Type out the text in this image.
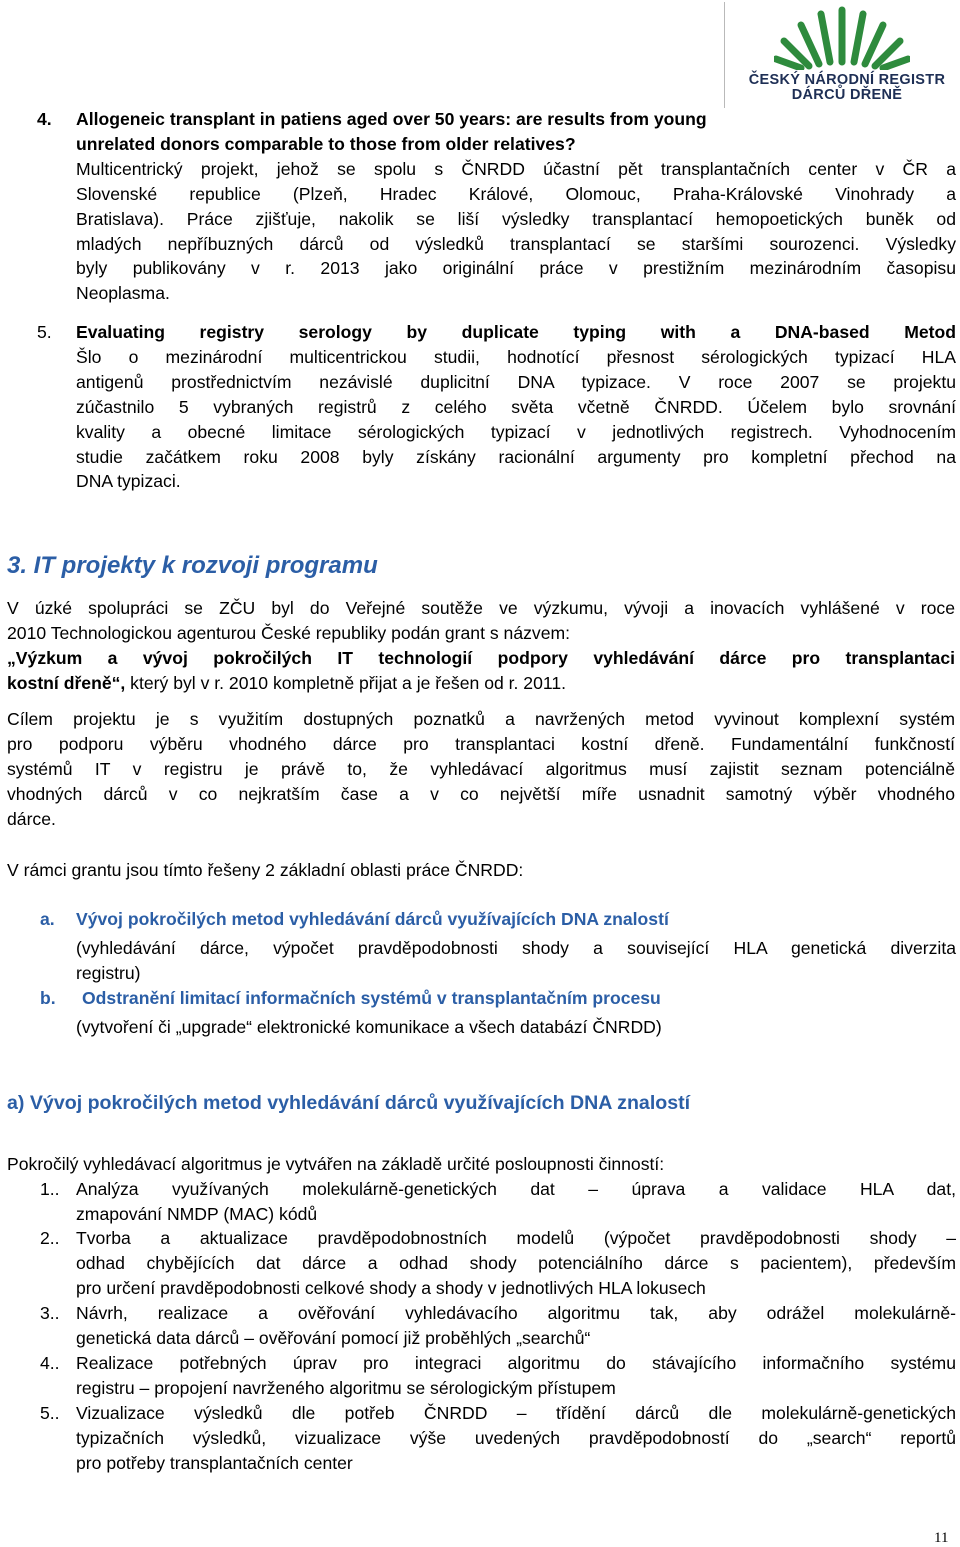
ČESKÝ NÁRODNÍ REGISTR
DÁRCŮ DŘENĚ
4. Allogeneic transplant in patiens aged over 50 years: are results from young
unrelated donors comparable to those from older relatives?
Multicentrický projekt, jehož se spolu s ČNRDD účastní pět transplantačních center v ČR a
Slovenské republice (Plzeň, Hradec Králové, Olomouc, Praha-Královské Vinohrady a
Bratislava). Práce zjišťuje, nakolik se liší výsledky transplantací hemopoetických buněk od
mladých nepříbuzných dárců od výsledků transplantací se staršími sourozenci. Výsledky
byly publikovány v r. 2013 jako originální práce v prestižním mezinárodním časopisu
Neoplasma.
5. Evaluating registry serology by duplicate typing with a DNA-based Metod
Šlo o mezinárodní multicentrickou studii, hodnotící přesnost sérologických typizací HLA
antigenů prostřednictvím nezávislé duplicitní DNA typizace. V roce 2007 se projektu
zúčastnilo 5 vybraných registrů z celého světa včetně ČNRDD. Účelem bylo srovnání
kvality a obecné limitace sérologických typizací v jednotlivých registrech. Vyhodnocením
studie začátkem roku 2008 byly získány racionální argumenty pro kompletní přechod na
DNA typizaci.
3. IT projekty k rozvoji programu
V úzké spolupráci se ZČU byl do Veřejné soutěže ve výzkumu, vývoji a inovacích vyhlášené v roce
2010 Technologickou agenturou České republiky podán grant s názvem:
„Výzkum a vývoj pokročilých IT technologií podpory vyhledávání dárce pro transplantaci
kostní dřeně“, který byl v r. 2010 kompletně přijat a je řešen od r. 2011.
Cílem projektu je s využitím dostupných poznatků a navržených metod vyvinout komplexní systém
pro podporu výběru vhodného dárce pro transplantaci kostní dřeně. Fundamentální funkčností
systémů IT v registru je právě to, že vyhledávací algoritmus musí zajistit seznam potenciálně
vhodných dárců v co nejkratším čase a v co největší míře usnadnit samotný výběr vhodného
dárce.
V rámci grantu jsou tímto řešeny 2 základní oblasti práce ČNRDD:
a. Vývoj pokročilých metod vyhledávání dárců využívajících DNA znalostí
(vyhledávání dárce, výpočet pravděpodobnosti shody a související HLA genetická diverzita
registru)
b. Odstranění limitací informačních systémů v transplantačním procesu
(vytvoření či „upgrade“ elektronické komunikace a všech databází ČNRDD)
a) Vývoj pokročilých metod vyhledávání dárců využívajících DNA znalostí
Pokročilý vyhledávací algoritmus je vytvářen na základě určité posloupnosti činností:
1.. Analýza využívaných molekulárně-genetických dat – úprava a validace HLA dat,
zmapování NMDP (MAC) kódů
2.. Tvorba a aktualizace pravděpodobnostních modelů (výpočet pravděpodobnosti shody –
odhad chybějících dat dárce a odhad shody potenciálního dárce s pacientem), především
pro určení pravděpodobnosti celkové shody a shody v jednotlivých HLA lokusech
3.. Návrh, realizace a ověřování vyhledávacího algoritmu tak, aby odrážel molekulárně-
genetická data dárců – ověřování pomocí již proběhlých „searchů“
4.. Realizace potřebných úprav pro integraci algoritmu do stávajícího informačního systému
registru – propojení navrženého algoritmu se sérologickým přístupem
5.. Vizualizace výsledků dle potřeb ČNRDD – třídění dárců dle molekulárně-genetických
typizačních výsledků, vizualizace výše uvedených pravděpodobností do „search“ reportů
pro potřeby transplantačních center
11
